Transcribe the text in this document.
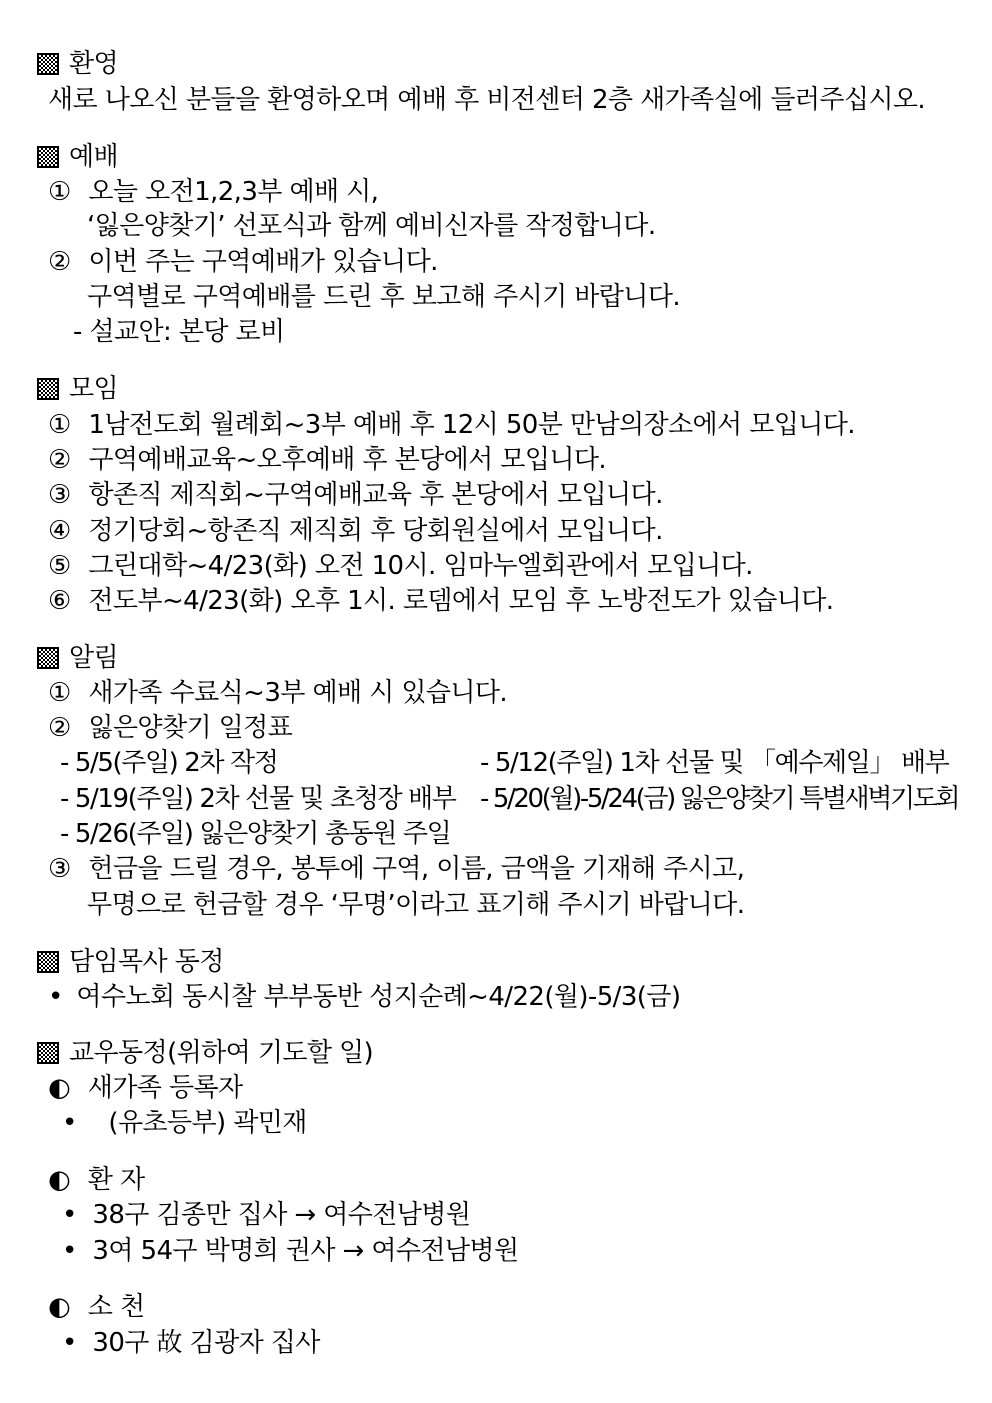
환영
새로 나오신 분들을 환영하오며 예배 후 비전센터 2층 새가족실에 들러주십시오.
예배
① 오늘 오전1,2,3부 예배 시,
‘잃은양찾기’ 선포식과 함께 예비신자를 작정합니다.
② 이번 주는 구역예배가 있습니다.
구역별로 구역예배를 드린 후 보고해 주시기 바랍니다.
- 설교안: 본당 로비
모임
① 1남전도회 월례회~3부 예배 후 12시 50분 만남의장소에서 모입니다.
② 구역예배교육~오후예배 후 본당에서 모입니다.
③ 항존직 제직회~구역예배교육 후 본당에서 모입니다.
④ 정기당회~항존직 제직회 후 당회원실에서 모입니다.
⑤ 그린대학~4/23(화) 오전 10시. 임마누엘회관에서 모입니다.
⑥ 전도부~4/23(화) 오후 1시. 로뎀에서 모임 후 노방전도가 있습니다.
알림
① 새가족 수료식~3부 예배 시 있습니다.
② 잃은양찾기 일정표
- 5/5(주일) 2차 작정	- 5/12(주일) 1차 선물 및 「예수제일」 배부
- 5/19(주일) 2차 선물 및 초청장 배부 - 5/20(월)-5/24(금) 잃은양찾기 특별새벽기도회
- 5/26(주일) 잃은양찾기 총동원 주일
③ 헌금을 드릴 경우, 봉투에 구역, 이름, 금액을 기재해 주시고,
무명으로 헌금할 경우 ‘무명’이라고 표기해 주시기 바랍니다.
담임목사 동정
• 여수노회 동시찰 부부동반 성지순례~4/22(월)-5/3(금)
교우동정(위하여 기도할 일)
◐ 새가족 등록자
• (유초등부) 곽민재
◐ 환 자
• 38구 김종만 집사 → 여수전남병원
• 3여 54구 박명희 권사 → 여수전남병원
◐ 소 천
• 30구 故 김광자 집사
